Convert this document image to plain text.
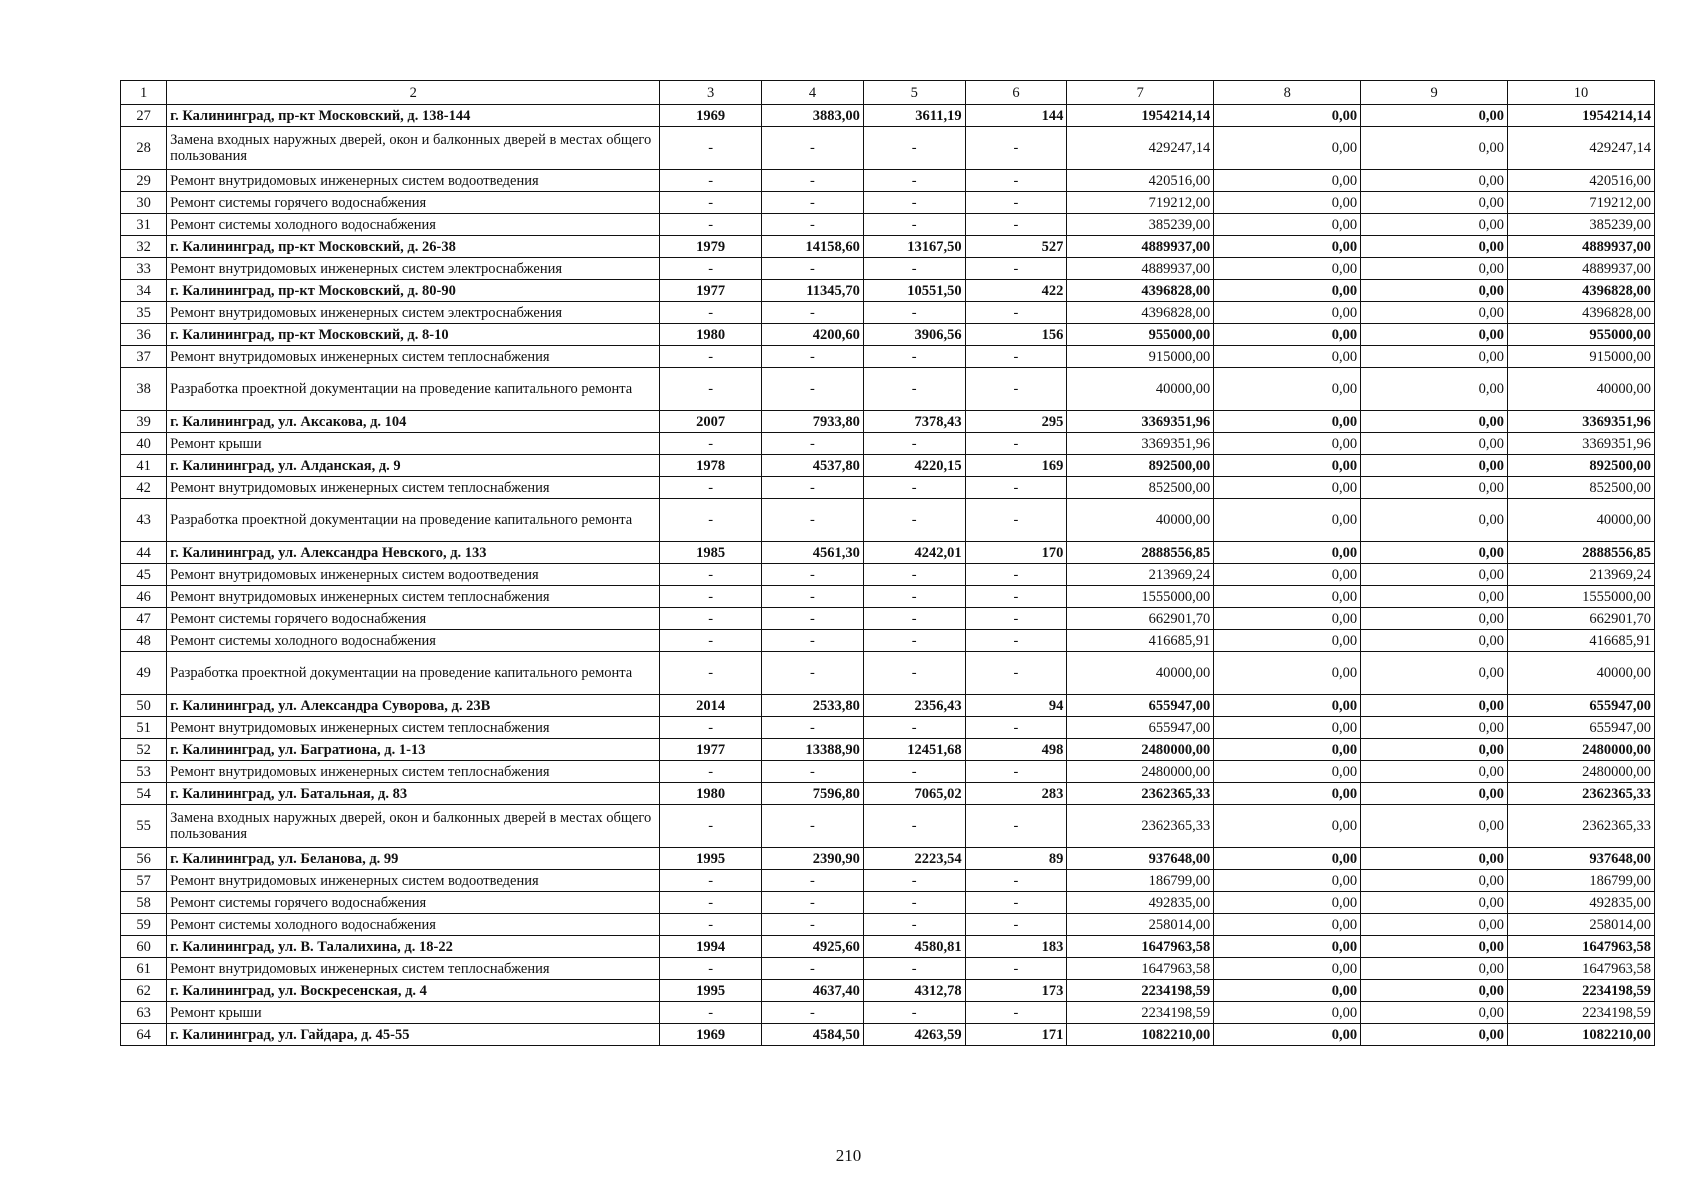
1	2	3	4	5	6	7	8	9	10
27	г. Калининград, пр-кт Московский, д. 138-144	1969	3883,00	3611,19	144	1954214,14	0,00	0,00	1954214,14
28	Замена входных наружных дверей, окон и балконных дверей в местах общего пользования	-	-	-	-	429247,14	0,00	0,00	429247,14
29	Ремонт внутридомовых инженерных систем водоотведения	-	-	-	-	420516,00	0,00	0,00	420516,00
30	Ремонт системы горячего водоснабжения	-	-	-	-	719212,00	0,00	0,00	719212,00
31	Ремонт системы холодного водоснабжения	-	-	-	-	385239,00	0,00	0,00	385239,00
32	г. Калининград, пр-кт Московский, д. 26-38	1979	14158,60	13167,50	527	4889937,00	0,00	0,00	4889937,00
33	Ремонт внутридомовых инженерных систем электроснабжения	-	-	-	-	4889937,00	0,00	0,00	4889937,00
34	г. Калининград, пр-кт Московский, д. 80-90	1977	11345,70	10551,50	422	4396828,00	0,00	0,00	4396828,00
35	Ремонт внутридомовых инженерных систем электроснабжения	-	-	-	-	4396828,00	0,00	0,00	4396828,00
36	г. Калининград, пр-кт Московский, д. 8-10	1980	4200,60	3906,56	156	955000,00	0,00	0,00	955000,00
37	Ремонт внутридомовых инженерных систем теплоснабжения	-	-	-	-	915000,00	0,00	0,00	915000,00
38	Разработка проектной документации на проведение капитального ремонта	-	-	-	-	40000,00	0,00	0,00	40000,00
39	г. Калининград, ул. Аксакова, д. 104	2007	7933,80	7378,43	295	3369351,96	0,00	0,00	3369351,96
40	Ремонт крыши	-	-	-	-	3369351,96	0,00	0,00	3369351,96
41	г. Калининград, ул. Алданская, д. 9	1978	4537,80	4220,15	169	892500,00	0,00	0,00	892500,00
42	Ремонт внутридомовых инженерных систем теплоснабжения	-	-	-	-	852500,00	0,00	0,00	852500,00
43	Разработка проектной документации на проведение капитального ремонта	-	-	-	-	40000,00	0,00	0,00	40000,00
44	г. Калининград, ул. Александра Невского, д. 133	1985	4561,30	4242,01	170	2888556,85	0,00	0,00	2888556,85
45	Ремонт внутридомовых инженерных систем водоотведения	-	-	-	-	213969,24	0,00	0,00	213969,24
46	Ремонт внутридомовых инженерных систем теплоснабжения	-	-	-	-	1555000,00	0,00	0,00	1555000,00
47	Ремонт системы горячего водоснабжения	-	-	-	-	662901,70	0,00	0,00	662901,70
48	Ремонт системы холодного водоснабжения	-	-	-	-	416685,91	0,00	0,00	416685,91
49	Разработка проектной документации на проведение капитального ремонта	-	-	-	-	40000,00	0,00	0,00	40000,00
50	г. Калининград, ул. Александра Суворова, д. 23В	2014	2533,80	2356,43	94	655947,00	0,00	0,00	655947,00
51	Ремонт внутридомовых инженерных систем теплоснабжения	-	-	-	-	655947,00	0,00	0,00	655947,00
52	г. Калининград, ул. Багратиона, д. 1-13	1977	13388,90	12451,68	498	2480000,00	0,00	0,00	2480000,00
53	Ремонт внутридомовых инженерных систем теплоснабжения	-	-	-	-	2480000,00	0,00	0,00	2480000,00
54	г. Калининград, ул. Батальная, д. 83	1980	7596,80	7065,02	283	2362365,33	0,00	0,00	2362365,33
55	Замена входных наружных дверей, окон и балконных дверей в местах общего пользования	-	-	-	-	2362365,33	0,00	0,00	2362365,33
56	г. Калининград, ул. Беланова, д. 99	1995	2390,90	2223,54	89	937648,00	0,00	0,00	937648,00
57	Ремонт внутридомовых инженерных систем водоотведения	-	-	-	-	186799,00	0,00	0,00	186799,00
58	Ремонт системы горячего водоснабжения	-	-	-	-	492835,00	0,00	0,00	492835,00
59	Ремонт системы холодного водоснабжения	-	-	-	-	258014,00	0,00	0,00	258014,00
60	г. Калининград, ул. В. Талалихина, д. 18-22	1994	4925,60	4580,81	183	1647963,58	0,00	0,00	1647963,58
61	Ремонт внутридомовых инженерных систем теплоснабжения	-	-	-	-	1647963,58	0,00	0,00	1647963,58
62	г. Калининград, ул. Воскресенская, д. 4	1995	4637,40	4312,78	173	2234198,59	0,00	0,00	2234198,59
63	Ремонт крыши	-	-	-	-	2234198,59	0,00	0,00	2234198,59
64	г. Калининград, ул. Гайдара, д. 45-55	1969	4584,50	4263,59	171	1082210,00	0,00	0,00	1082210,00
210
